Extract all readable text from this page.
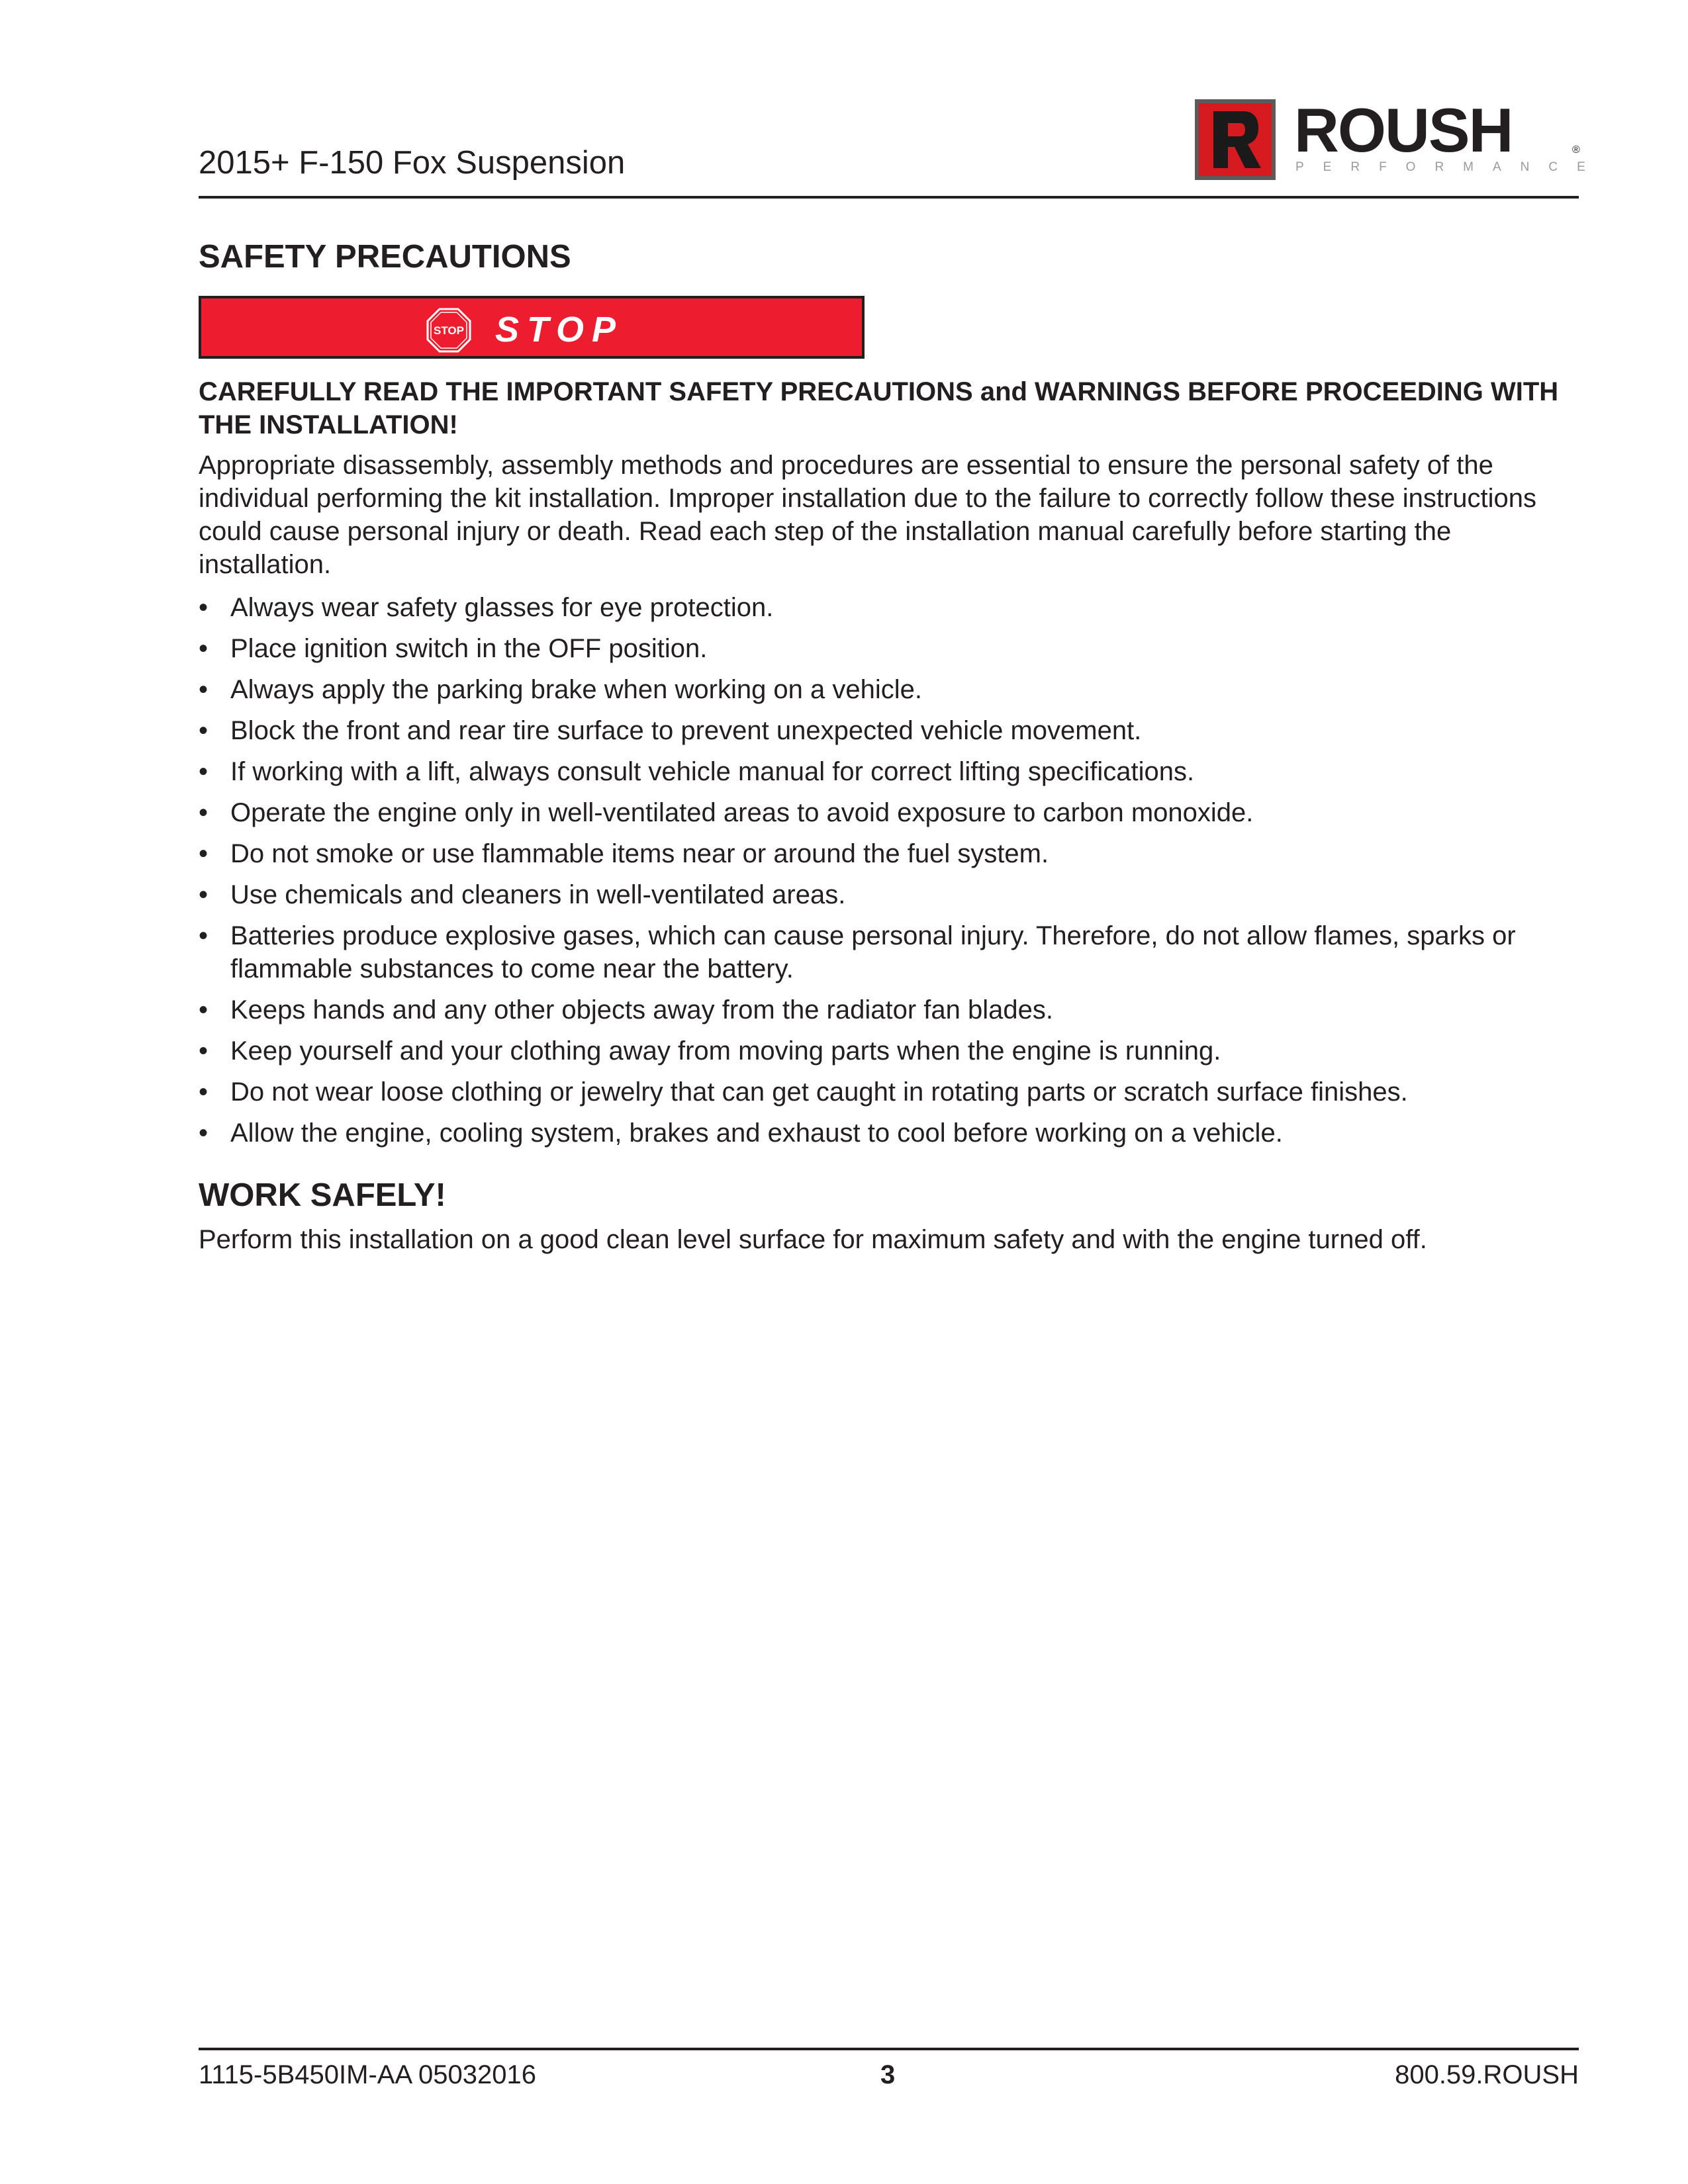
2015+ F-150 Fox Suspension	ROUSH	®
PERFORMANCE
SAFETY PRECAUTIONS
STOP STOP
CAREFULLY READ THE IMPORTANT SAFETY PRECAUTIONS and WARNINGS BEFORE PROCEEDING WITH THE INSTALLATION!
Appropriate disassembly, assembly methods and procedures are essential to ensure the personal safety of the individual performing the kit installation. Improper installation due to the failure to correctly follow these instructions could cause personal injury or death. Read each step of the installation manual carefully before starting the installation.
• Always wear safety glasses for eye protection.
• Place ignition switch in the OFF position.
• Always apply the parking brake when working on a vehicle.
• Block the front and rear tire surface to prevent unexpected vehicle movement.
• If working with a lift, always consult vehicle manual for correct lifting specifications.
• Operate the engine only in well-ventilated areas to avoid exposure to carbon monoxide.
• Do not smoke or use flammable items near or around the fuel system.
• Use chemicals and cleaners in well-ventilated areas.
• Batteries produce explosive gases, which can cause personal injury. Therefore, do not allow flames, sparks or flammable substances to come near the battery.
• Keeps hands and any other objects away from the radiator fan blades.
• Keep yourself and your clothing away from moving parts when the engine is running.
• Do not wear loose clothing or jewelry that can get caught in rotating parts or scratch surface finishes.
• Allow the engine, cooling system, brakes and exhaust to cool before working on a vehicle.
WORK SAFELY!
Perform this installation on a good clean level surface for maximum safety and with the engine turned off.
1115-5B450IM-AA 05032016	3	800.59.ROUSH
